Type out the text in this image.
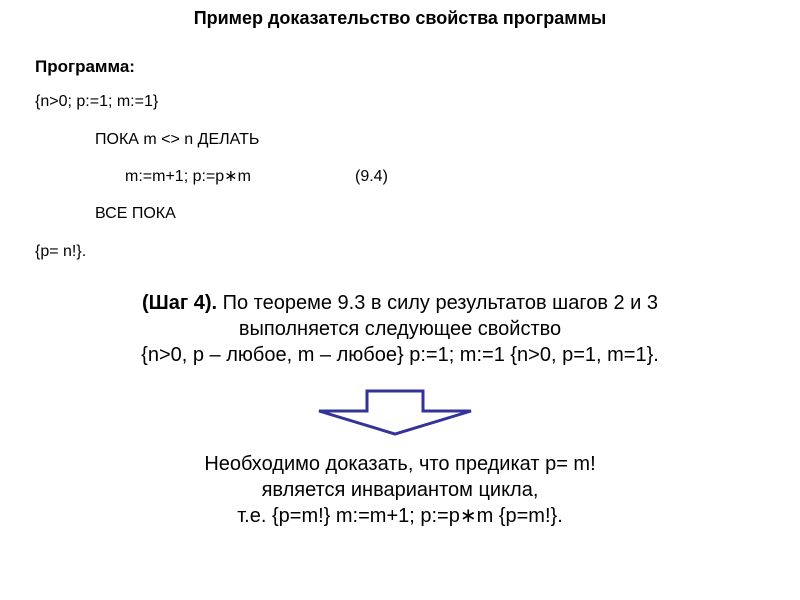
Пример доказательство свойства программы
Программа:
{n>0; p:=1; m:=1}
ПОКА m <> n ДЕЛАТЬ
m:=m+1; p:=p∗m	(9.4)
ВСЕ ПОКА
{p= n!}.
(Шаг 4). По теореме 9.3 в силу результатов шагов 2 и 3
выполняется следующее свойство
{n>0, p – любое, m – любое} p:=1; m:=1 {n>0, p=1, m=1}.
Необходимо доказать, что предикат p= m!
является инвариантом цикла,
т.е. {p=m!} m:=m+1; p:=p∗m {p=m!}.
